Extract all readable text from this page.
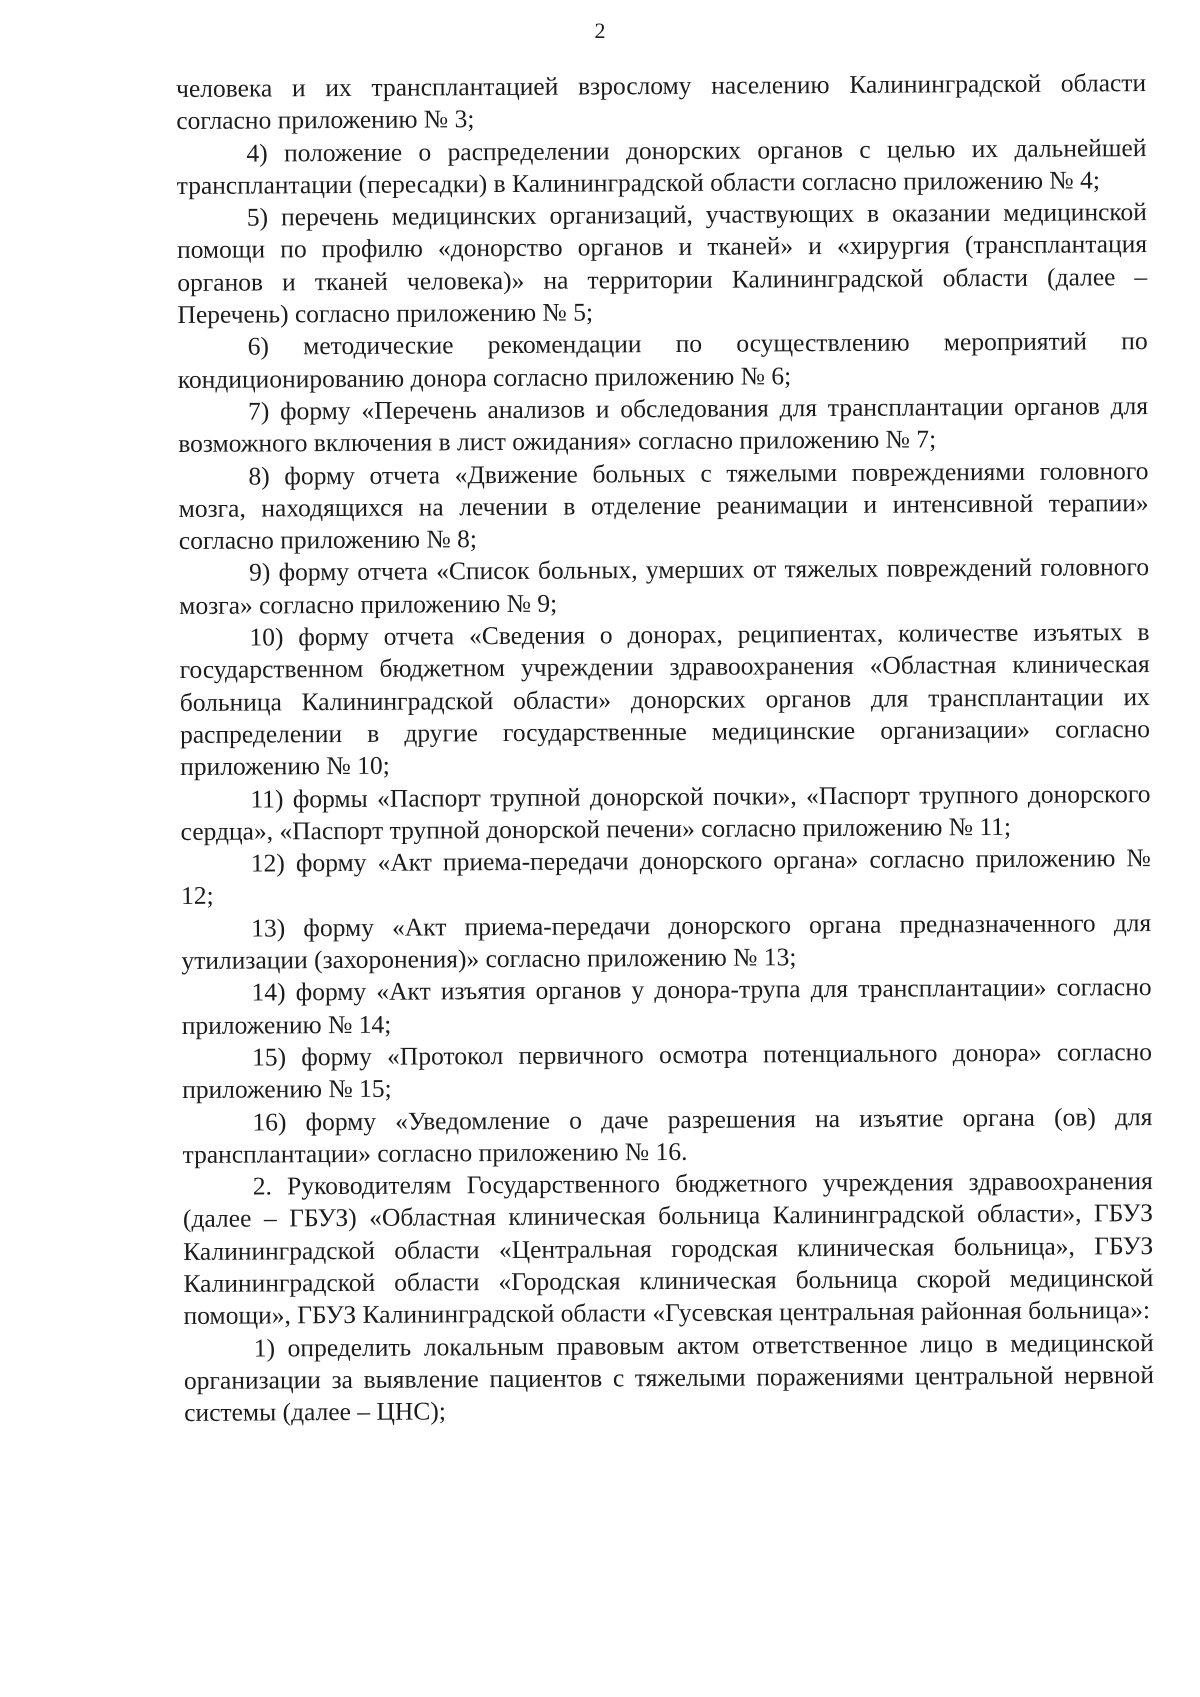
2

человека и их трансплантацией взрослому населению Калининградской области согласно приложению № 3;

4) положение о распределении донорских органов с целью их дальнейшей трансплантации (пересадки) в Калининградской области согласно приложению № 4;

5) перечень медицинских организаций, участвующих в оказании медицинской помощи по профилю «донорство органов и тканей» и «хирургия (трансплантация органов и тканей человека)» на территории Калининградской области (далее – Перечень) согласно приложению № 5;

6) методические рекомендации по осуществлению мероприятий по кондиционированию донора согласно приложению № 6;

7) форму «Перечень анализов и обследования для трансплантации органов для возможного включения в лист ожидания» согласно приложению № 7;

8) форму отчета «Движение больных с тяжелыми повреждениями головного мозга, находящихся на лечении в отделение реанимации и интенсивной терапии» согласно приложению № 8;

9) форму отчета «Список больных, умерших от тяжелых повреждений головного мозга» согласно приложению № 9;

10) форму отчета «Сведения о донорах, реципиентах, количестве изъятых в государственном бюджетном учреждении здравоохранения «Областная клиническая больница Калининградской области» донорских органов для трансплантации их распределении в другие государственные медицинские организации» согласно приложению № 10;

11) формы «Паспорт трупной донорской почки», «Паспорт трупного донорского сердца», «Паспорт трупной донорской печени» согласно приложению № 11;

12) форму «Акт приема-передачи донорского органа» согласно приложению № 12;

13) форму «Акт приема-передачи донорского органа предназначенного для утилизации (захоронения)» согласно приложению № 13;

14) форму «Акт изъятия органов у донора-трупа для трансплантации» согласно приложению № 14;

15) форму «Протокол первичного осмотра потенциального донора» согласно приложению № 15;

16) форму «Уведомление о даче разрешения на изъятие органа (ов) для трансплантации» согласно приложению № 16.

2. Руководителям Государственного бюджетного учреждения здравоохранения (далее – ГБУЗ) «Областная клиническая больница Калининградской области», ГБУЗ Калининградской области «Центральная городская клиническая больница», ГБУЗ Калининградской области «Городская клиническая больница скорой медицинской помощи», ГБУЗ Калининградской области «Гусевская центральная районная больница»:

1) определить локальным правовым актом ответственное лицо в медицинской организации за выявление пациентов с тяжелыми поражениями центральной нервной системы (далее – ЦНС);
